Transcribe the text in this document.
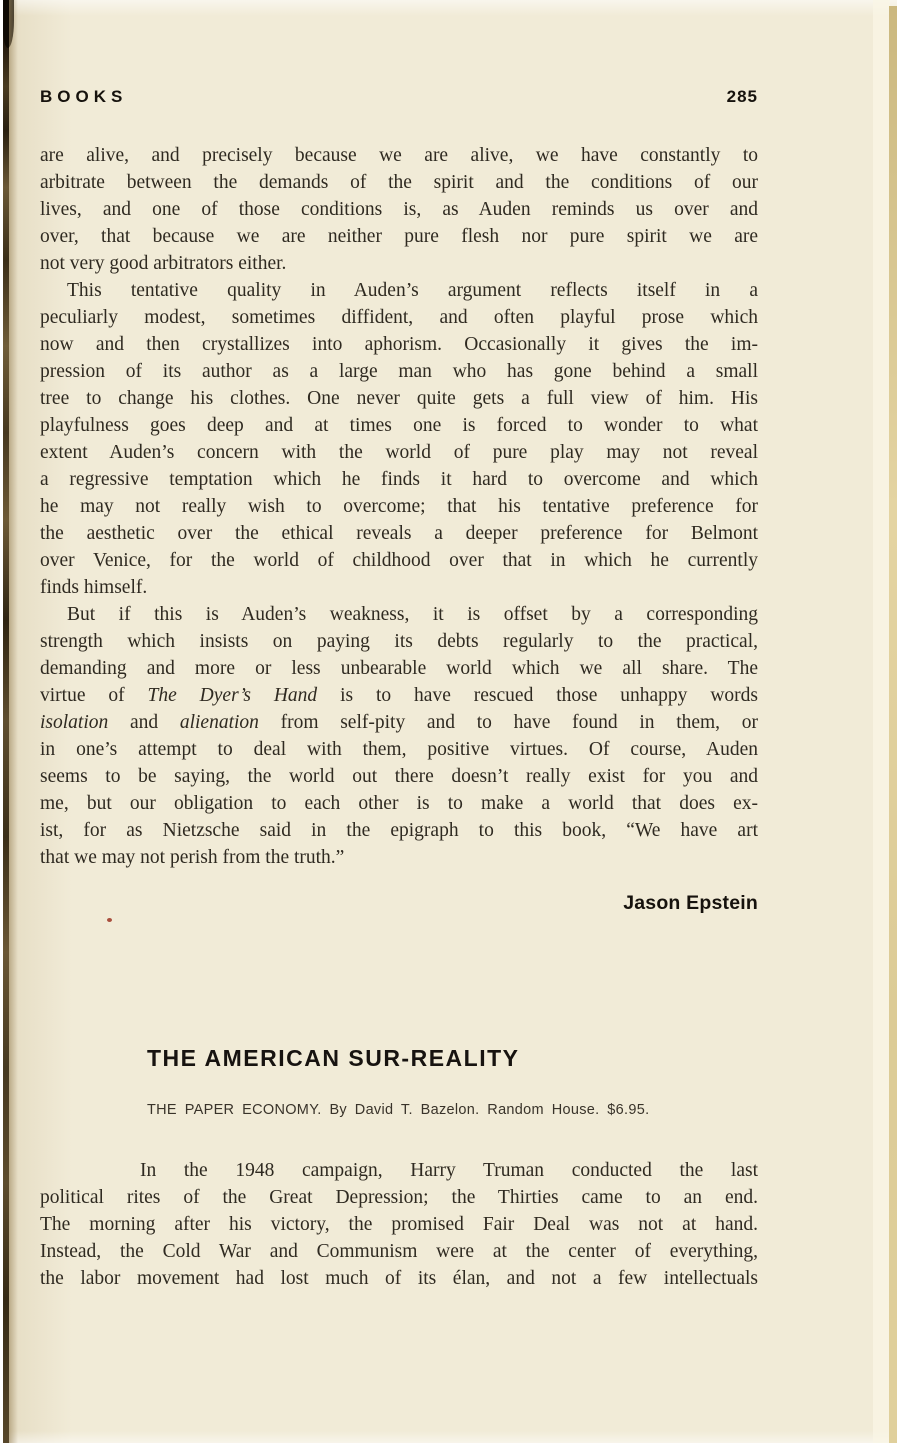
BOOKS	285
are alive, and precisely because we are alive, we have constantly to
arbitrate between the demands of the spirit and the conditions of our
lives, and one of those conditions is, as Auden reminds us over and
over, that because we are neither pure flesh nor pure spirit we are
not very good arbitrators either.
This tentative quality in Auden’s argument reflects itself in a
peculiarly modest, sometimes diffident, and often playful prose which
now and then crystallizes into aphorism. Occasionally it gives the im-
pression of its author as a large man who has gone behind a small
tree to change his clothes. One never quite gets a full view of him. His
playfulness goes deep and at times one is forced to wonder to what
extent Auden’s concern with the world of pure play may not reveal
a regressive temptation which he finds it hard to overcome and which
he may not really wish to overcome; that his tentative preference for
the aesthetic over the ethical reveals a deeper preference for Belmont
over Venice, for the world of childhood over that in which he currently
finds himself.
But if this is Auden’s weakness, it is offset by a corresponding
strength which insists on paying its debts regularly to the practical,
demanding and more or less unbearable world which we all share. The
virtue of The Dyer’s Hand is to have rescued those unhappy words
isolation and alienation from self-pity and to have found in them, or
in one’s attempt to deal with them, positive virtues. Of course, Auden
seems to be saying, the world out there doesn’t really exist for you and
me, but our obligation to each other is to make a world that does ex-
ist, for as Nietzsche said in the epigraph to this book, “We have art
that we may not perish from the truth.”
Jason Epstein
THE AMERICAN SUR-REALITY
THE PAPER ECONOMY. By David T. Bazelon. Random House. $6.95.
In the 1948 campaign, Harry Truman conducted the last
political rites of the Great Depression; the Thirties came to an end.
The morning after his victory, the promised Fair Deal was not at hand.
Instead, the Cold War and Communism were at the center of everything,
the labor movement had lost much of its élan, and not a few intellectuals
